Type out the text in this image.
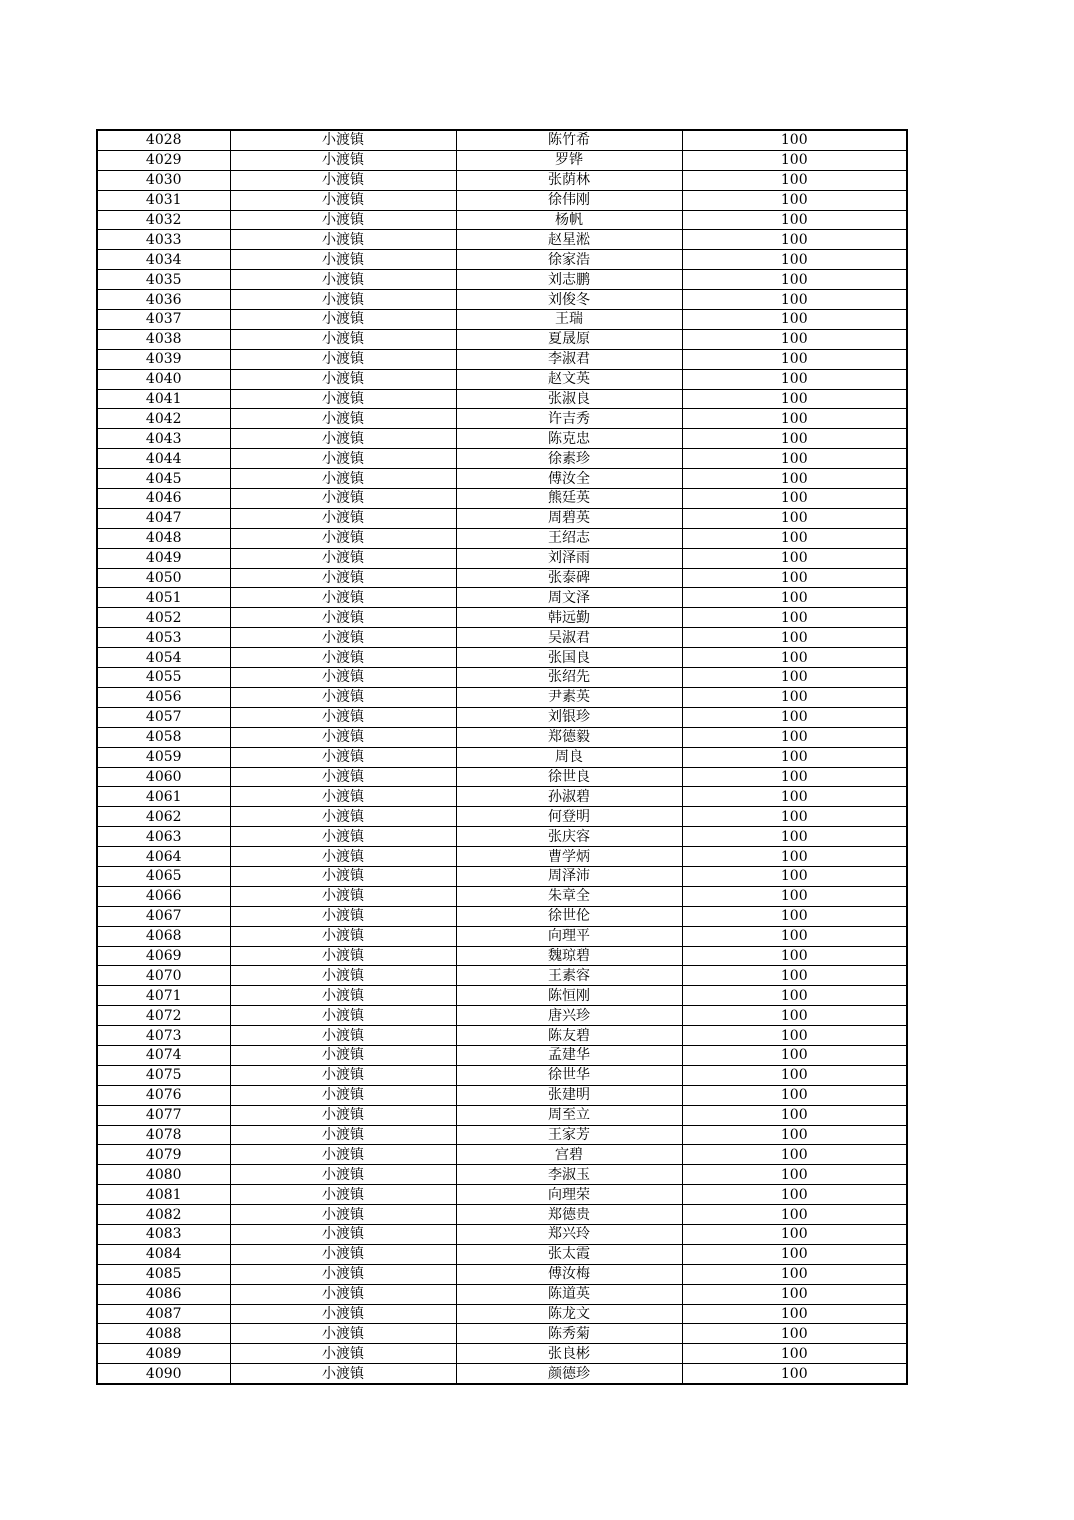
4028	小渡镇	陈竹希	100
4029	小渡镇	罗铧	100
4030	小渡镇	张荫林	100
4031	小渡镇	徐伟刚	100
4032	小渡镇	杨帆	100
4033	小渡镇	赵星淞	100
4034	小渡镇	徐家浩	100
4035	小渡镇	刘志鹏	100
4036	小渡镇	刘俊冬	100
4037	小渡镇	王瑞	100
4038	小渡镇	夏晟原	100
4039	小渡镇	李淑君	100
4040	小渡镇	赵文英	100
4041	小渡镇	张淑良	100
4042	小渡镇	许吉秀	100
4043	小渡镇	陈克忠	100
4044	小渡镇	徐素珍	100
4045	小渡镇	傅汝全	100
4046	小渡镇	熊廷英	100
4047	小渡镇	周碧英	100
4048	小渡镇	王绍志	100
4049	小渡镇	刘泽雨	100
4050	小渡镇	张泰碑	100
4051	小渡镇	周文泽	100
4052	小渡镇	韩远勤	100
4053	小渡镇	吴淑君	100
4054	小渡镇	张国良	100
4055	小渡镇	张绍先	100
4056	小渡镇	尹素英	100
4057	小渡镇	刘银珍	100
4058	小渡镇	郑德毅	100
4059	小渡镇	周良	100
4060	小渡镇	徐世良	100
4061	小渡镇	孙淑碧	100
4062	小渡镇	何登明	100
4063	小渡镇	张庆容	100
4064	小渡镇	曹学炳	100
4065	小渡镇	周泽沛	100
4066	小渡镇	朱章全	100
4067	小渡镇	徐世伦	100
4068	小渡镇	向理平	100
4069	小渡镇	魏琼碧	100
4070	小渡镇	王素容	100
4071	小渡镇	陈恒刚	100
4072	小渡镇	唐兴珍	100
4073	小渡镇	陈友碧	100
4074	小渡镇	孟建华	100
4075	小渡镇	徐世华	100
4076	小渡镇	张建明	100
4077	小渡镇	周至立	100
4078	小渡镇	王家芳	100
4079	小渡镇	宫碧	100
4080	小渡镇	李淑玉	100
4081	小渡镇	向理荣	100
4082	小渡镇	郑德贵	100
4083	小渡镇	郑兴玲	100
4084	小渡镇	张太霞	100
4085	小渡镇	傅汝梅	100
4086	小渡镇	陈道英	100
4087	小渡镇	陈龙文	100
4088	小渡镇	陈秀菊	100
4089	小渡镇	张良彬	100
4090	小渡镇	颜德珍	100
